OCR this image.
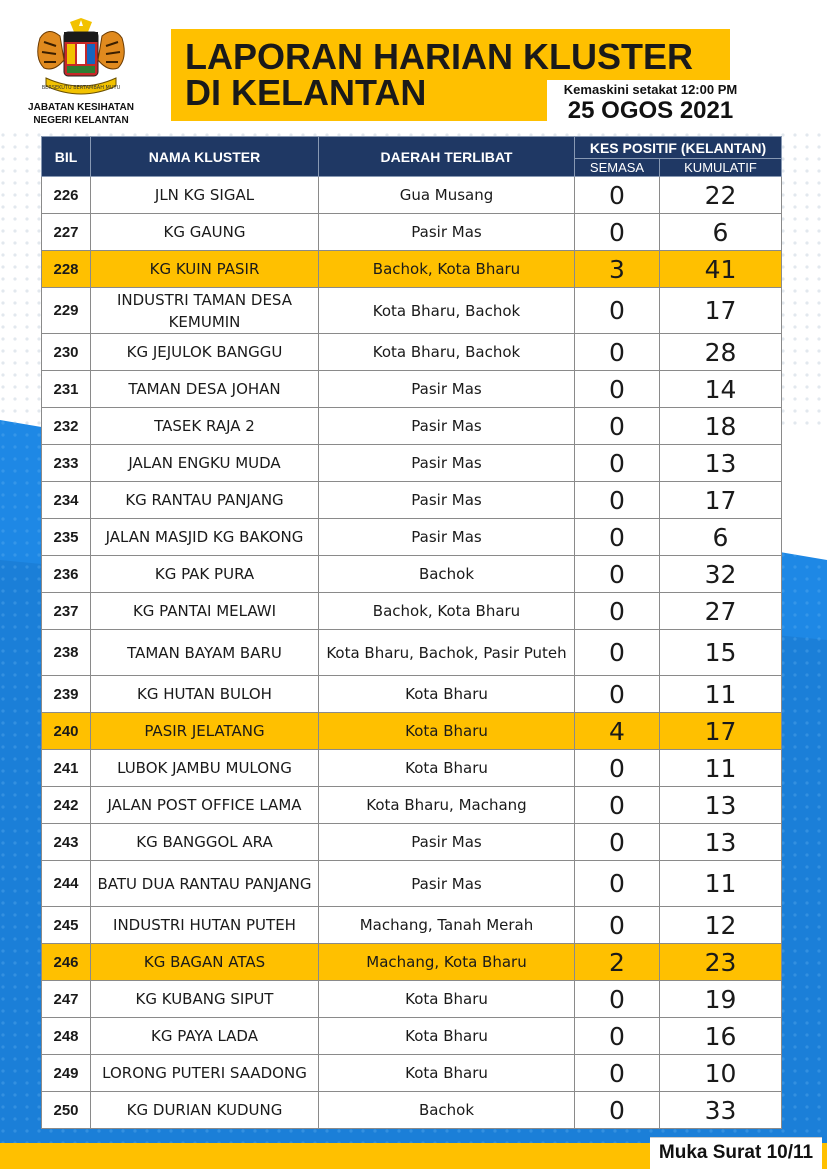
BERSEKUTU BERTAMBAH MUTU
JABATAN KESIHATAN
NEGERI KELANTAN
LAPORAN HARIAN KLUSTER
DI KELANTAN	Kemaskini setakat 12:00 PM
25 OGOS 2021
BIL	NAMA KLUSTER	DAERAH TERLIBAT	KES POSITIF (KELANTAN)	
			SEMASA	KUMULATIF
226	JLN KG SIGAL	Gua Musang	0	22
227	KG GAUNG	Pasir Mas	0	6
228	KG KUIN PASIR	Bachok, Kota Bharu	3	41
229	INDUSTRI TAMAN DESA KEMUMIN	Kota Bharu, Bachok	0	17
230	KG JEJULOK BANGGU	Kota Bharu, Bachok	0	28
231	TAMAN DESA JOHAN	Pasir Mas	0	14
232	TASEK RAJA 2	Pasir Mas	0	18
233	JALAN ENGKU MUDA	Pasir Mas	0	13
234	KG RANTAU PANJANG	Pasir Mas	0	17
235	JALAN MASJID KG BAKONG	Pasir Mas	0	6
236	KG PAK PURA	Bachok	0	32
237	KG PANTAI MELAWI	Bachok, Kota Bharu	0	27
238	TAMAN BAYAM BARU	Kota Bharu, Bachok, Pasir Puteh	0	15
239	KG HUTAN BULOH	Kota Bharu	0	11
240	PASIR JELATANG	Kota Bharu	4	17
241	LUBOK JAMBU MULONG	Kota Bharu	0	11
242	JALAN POST OFFICE LAMA	Kota Bharu, Machang	0	13
243	KG BANGGOL ARA	Pasir Mas	0	13
244	BATU DUA RANTAU PANJANG	Pasir Mas	0	11
245	INDUSTRI HUTAN PUTEH	Machang, Tanah Merah	0	12
246	KG BAGAN ATAS	Machang, Kota Bharu	2	23
247	KG KUBANG SIPUT	Kota Bharu	0	19
248	KG PAYA LADA	Kota Bharu	0	16
249	LORONG PUTERI SAADONG	Kota Bharu	0	10
250	KG DURIAN KUDUNG	Bachok	0	33
Muka Surat 10/11
